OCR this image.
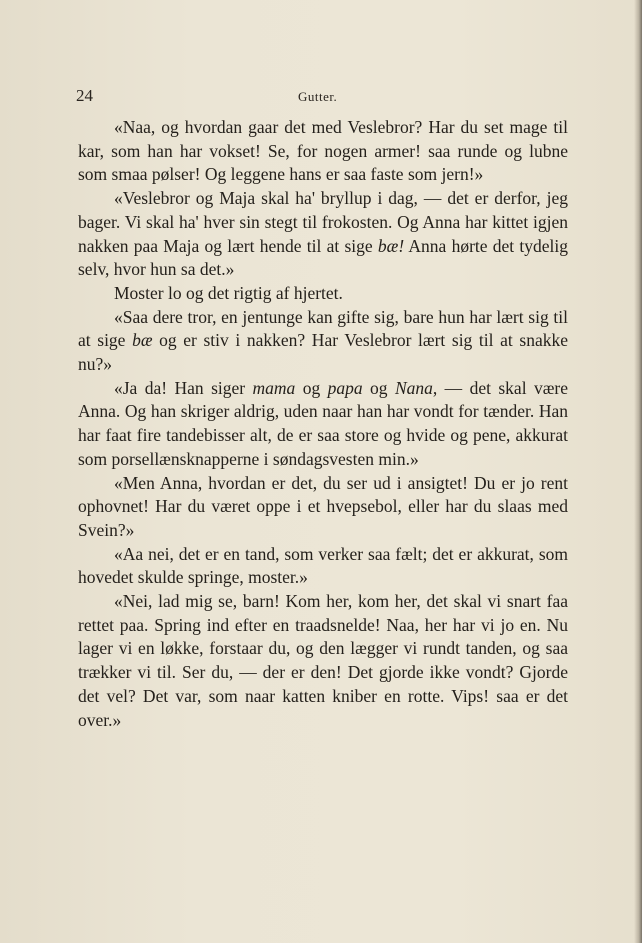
24	Gutter.

«Naa, og hvordan gaar det med Veslebror? Har du set mage til kar, som han har vokset! Se, for nogen armer! saa runde og lubne som smaa pølser! Og leggene hans er saa faste som jern!»

«Veslebror og Maja skal ha' bryllup i dag, — det er derfor, jeg bager. Vi skal ha' hver sin stegt til frokosten. Og Anna har kittet igjen nakken paa Maja og lært hende til at sige bæ! Anna hørte det tydelig selv, hvor hun sa det.»

Moster lo og det rigtig af hjertet.

«Saa dere tror, en jentunge kan gifte sig, bare hun har lært sig til at sige bæ og er stiv i nakken? Har Veslebror lært sig til at snakke nu?»

«Ja da! Han siger mama og papa og Nana, — det skal være Anna. Og han skriger aldrig, uden naar han har vondt for tænder. Han har faat fire tandebisser alt, de er saa store og hvide og pene, akkurat som porsellænsknapperne i søndagsvesten min.»

«Men Anna, hvordan er det, du ser ud i ansigtet! Du er jo rent ophovnet! Har du været oppe i et hvepsebol, eller har du slaas med Svein?»

«Aa nei, det er en tand, som verker saa fælt; det er akkurat, som hovedet skulde springe, moster.»

«Nei, lad mig se, barn! Kom her, kom her, det skal vi snart faa rettet paa. Spring ind efter en traadsnelde! Naa, her har vi jo en. Nu lager vi en løkke, forstaar du, og den lægger vi rundt tanden, og saa trækker vi til. Ser du, — der er den! Det gjorde ikke vondt? Gjorde det vel? Det var, som naar katten kniber en rotte. Vips! saa er det over.»
